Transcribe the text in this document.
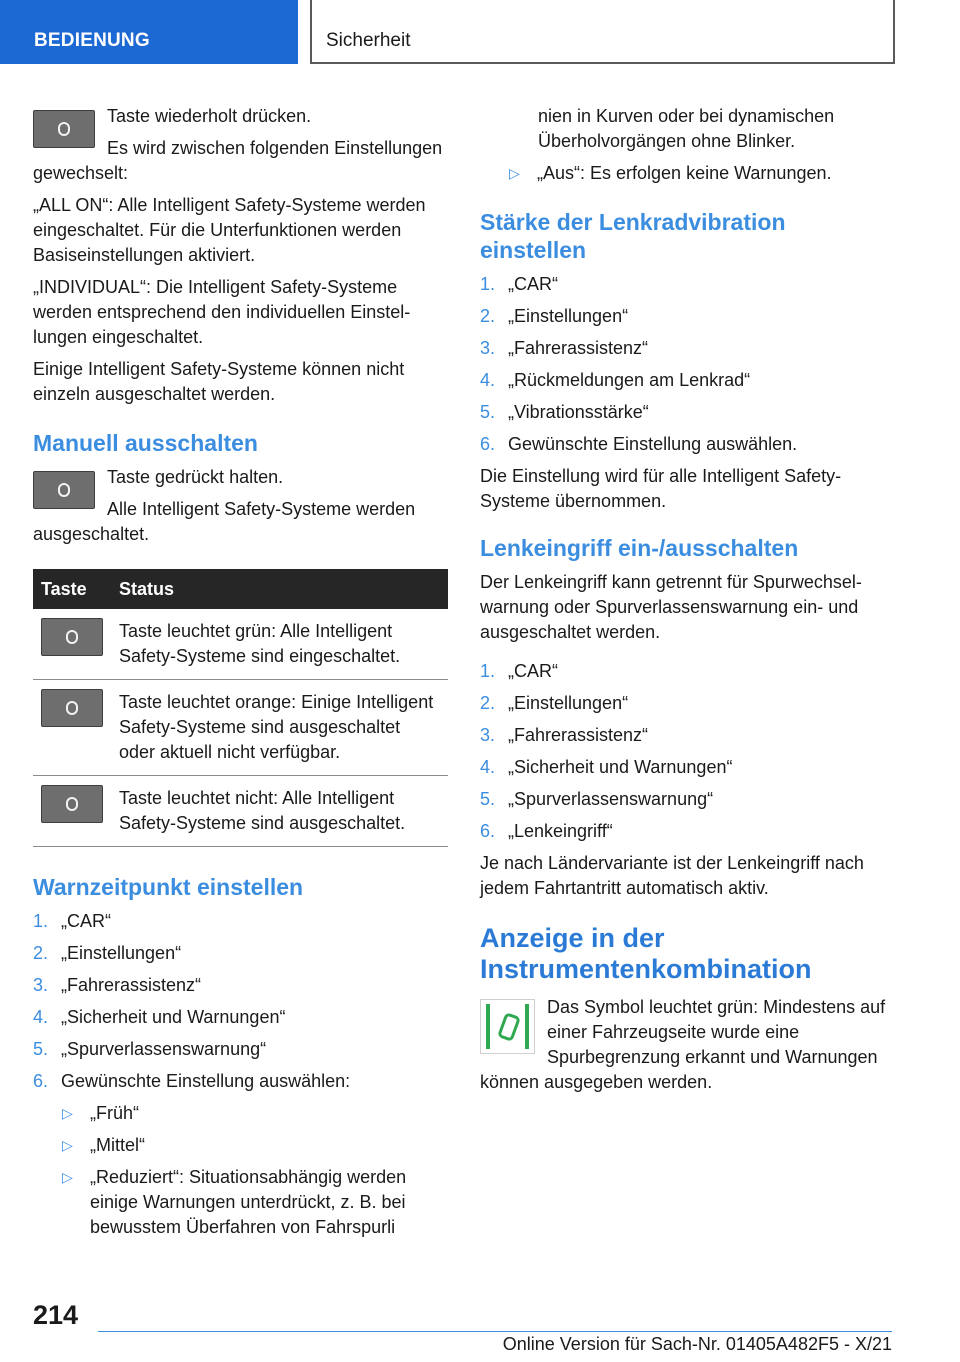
BEDIENUNG	Sicherheit

Taste wiederholt drücken.

Es wird zwischen folgenden Einstellungen gewechselt:

„ALL ON“: Alle Intelligent Safety-Systeme werden eingeschaltet. Für die Unterfunktionen werden Basiseinstellungen aktiviert.

„INDIVIDUAL“: Die Intelligent Safety-Systeme werden entsprechend den individuellen Einstellungen eingeschaltet.

Einige Intelligent Safety-Systeme können nicht einzeln ausgeschaltet werden.

Manuell ausschalten

Taste gedrückt halten.

Alle Intelligent Safety-Systeme werden ausgeschaltet.

Taste	Status

	Taste leuchtet grün: Alle Intelligent Safety-Systeme sind eingeschaltet.

	Taste leuchtet orange: Einige Intelligent Safety-Systeme sind ausgeschaltet oder aktuell nicht verfügbar.

	Taste leuchtet nicht: Alle Intelligent Safety-Systeme sind ausgeschaltet.
Warnzeitpunkt einstellen
1. „CAR“
2. „Einstellungen“
3. „Fahrerassistenz“
4. „Sicherheit und Warnungen“
5. „Spurverlassenswarnung“
6. Gewünschte Einstellung auswählen:
▷ „Früh“
▷ „Mittel“
▷ „Reduziert“: Situationsabhängig werden einige Warnungen unterdrückt, z. B. bei bewusstem Überfahren von Fahrspurli

nien in Kurven oder bei dynamischen Überholvorgängen ohne Blinker.

▷ „Aus“: Es erfolgen keine Warnungen.
Stärke der Lenkradvibration einstellen
1. „CAR“
2. „Einstellungen“
3. „Fahrerassistenz“
4. „Rückmeldungen am Lenkrad“
5. „Vibrationsstärke“
6. Gewünschte Einstellung auswählen.

Die Einstellung wird für alle Intelligent Safety-Systeme übernommen.

Lenkeingriff ein-/ausschalten

Der Lenkeingriff kann getrennt für Spurwechselwarnung oder Spurverlassenswarnung ein- und ausgeschaltet werden.

1. „CAR“
2. „Einstellungen“
3. „Fahrerassistenz“
4. „Sicherheit und Warnungen“
5. „Spurverlassenswarnung“
6. „Lenkeingriff“

Je nach Ländervariante ist der Lenkeingriff nach jedem Fahrtantritt automatisch aktiv.

Anzeige in der Instrumentenkombination

Das Symbol leuchtet grün: Mindestens auf einer Fahrzeugseite wurde eine Spurbegrenzung erkannt und Warnungen können ausgegeben werden.

214
Online Version für Sach-Nr. 01405A482F5 - X/21
